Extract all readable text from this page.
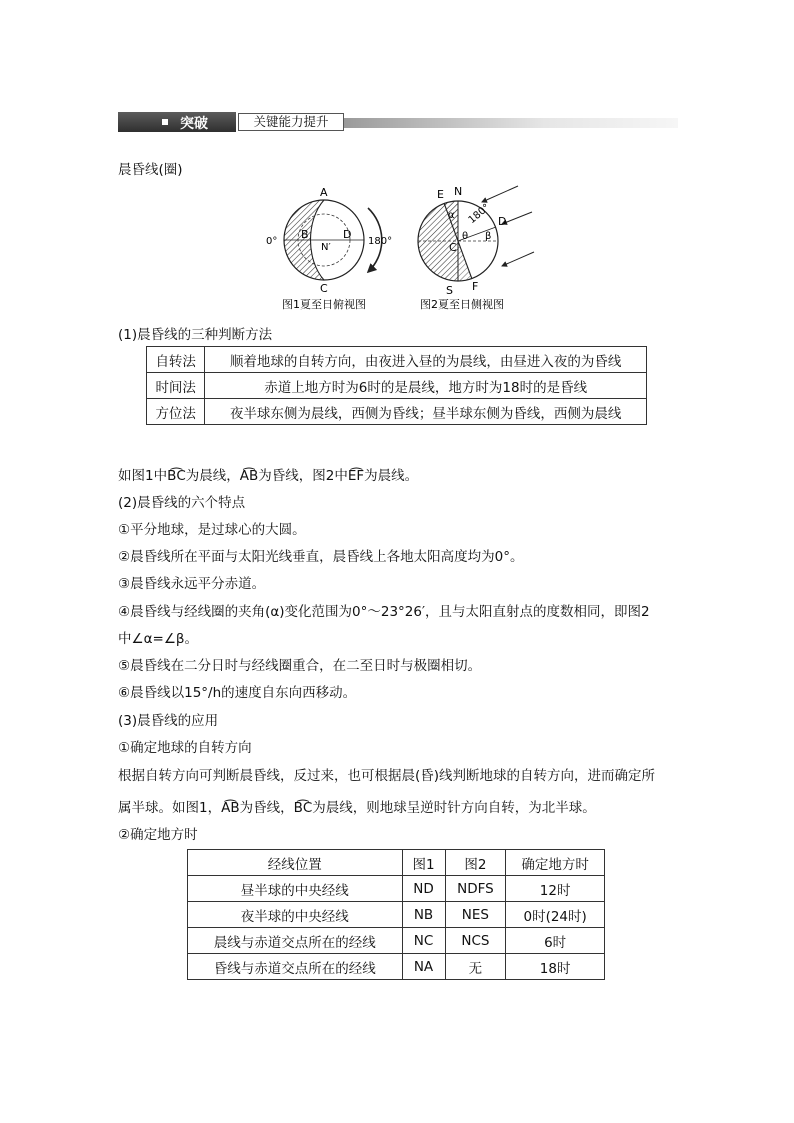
突破	关键能力提升
晨昏线(圈)
A
C
B	D
N′
0°	180°
图1夏至日俯视图
E N
D
C
S F
α
θ β
180°
图2夏至日侧视图
(1)晨昏线的三种判断方法
自转法	顺着地球的自转方向，由夜进入昼的为晨线，由昼进入夜的为昏线
时间法	赤道上地方时为6时的是晨线，地方时为18时的是昏线
方位法	夜半球东侧为晨线，西侧为昏线；昼半球东侧为昏线，西侧为晨线
如图1中B͡C为晨线，A͡B为昏线，图2中E͡F为晨线。
(2)晨昏线的六个特点
①平分地球，是过球心的大圆。
②晨昏线所在平面与太阳光线垂直，晨昏线上各地太阳高度均为0°。
③晨昏线永远平分赤道。
④晨昏线与经线圈的夹角(α)变化范围为0°～23°26′，且与太阳直射点的度数相同，即图2
中∠α=∠β。
⑤晨昏线在二分日时与经线圈重合，在二至日时与极圈相切。
⑥晨昏线以15°/h的速度自东向西移动。
(3)晨昏线的应用
①确定地球的自转方向
根据自转方向可判断晨昏线，反过来，也可根据晨(昏)线判断地球的自转方向，进而确定所
属半球。如图1，A͡B为昏线，B͡C为晨线，则地球呈逆时针方向自转，为北半球。
②确定地方时
经线位置	图1	图2	确定地方时
昼半球的中央经线	ND	NDFS	12时
夜半球的中央经线	NB	NES	0时(24时)
晨线与赤道交点所在的经线	NC	NCS	6时
昏线与赤道交点所在的经线	NA	无	18时
